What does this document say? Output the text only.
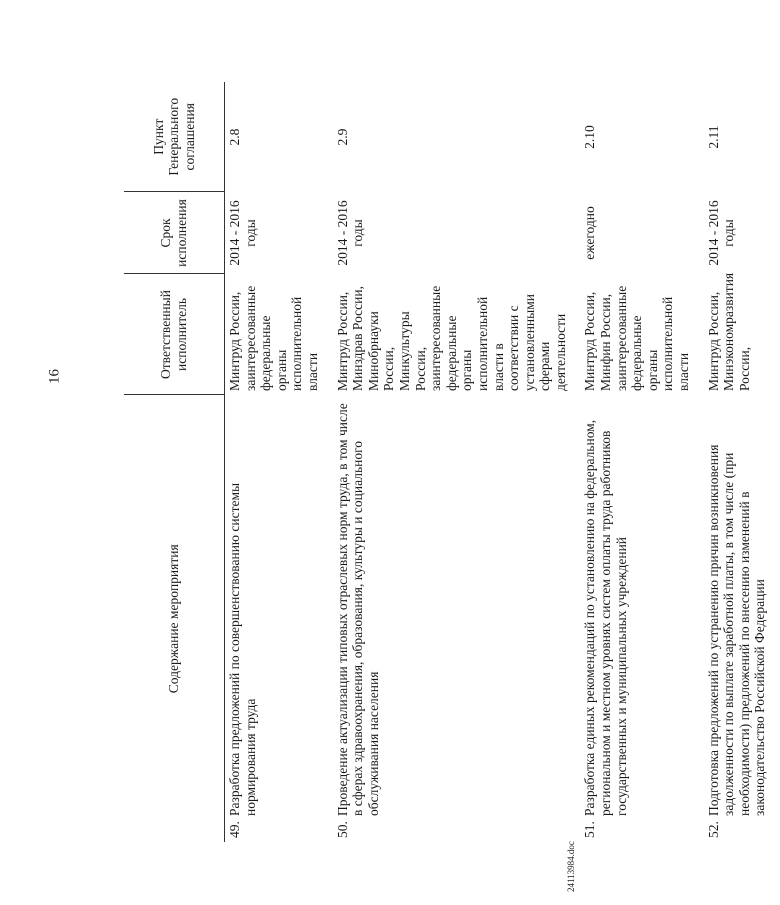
16
Содержание мероприятия	Ответственный исполнитель	Срок исполнения	Пункт Генерального соглашения

49.
Разработка предложений по совершенствованию системы нормирования труда	Минтруд России, заинтересованные федеральные органы исполнительной власти	2014 - 2016 годы	2.8

50.
Проведение актуализации типовых отраслевых норм труда, в том числе в сферах здравоохранения, образования, культуры и социального обслуживания населения	Минтруд России, Минздрав России, Минобрнауки России, Минкультуры России, заинтересованные федеральные органы исполнительной власти в соответствии с установленными сферами деятельности	2014 - 2016 годы	2.9

51.
Разработка единых рекомендаций по установлению на федеральном, региональном и местном уровнях систем оплаты труда работников государственных и муниципальных учреждений	Минтруд России, Минфин России, заинтересованные федеральные органы исполнительной власти	ежегодно	2.10

52.
Подготовка предложений по устранению причин возникновения задолженности по выплате заработной платы, в том числе (при необходимости) предложений по внесению изменений в законодательство Российской Федерации	Минтруд России, Минэкономразвития России,	2014 - 2016 годы	2.11
24113984.doc
